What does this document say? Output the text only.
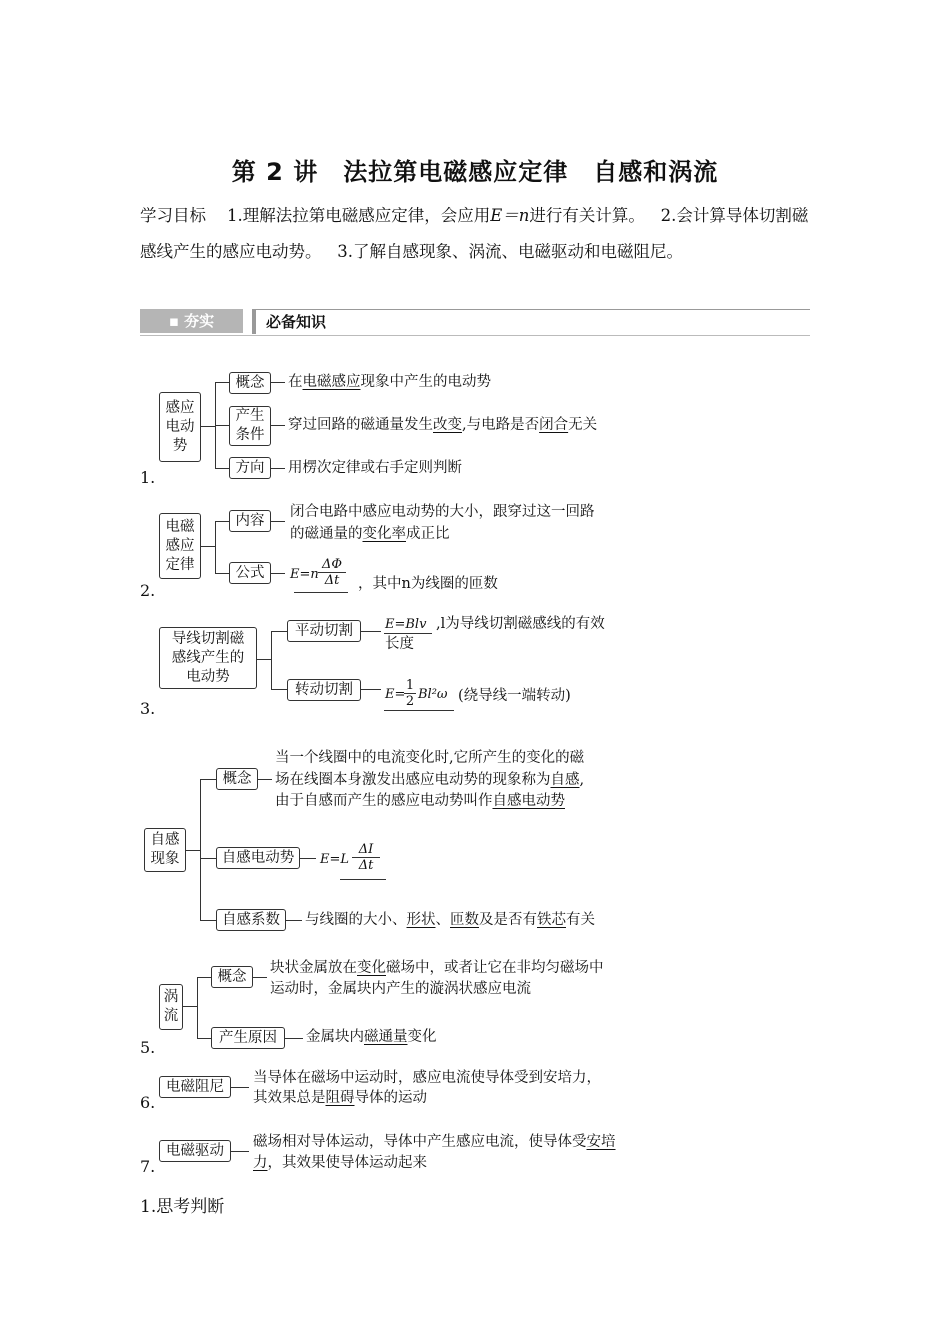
第 2 讲　法拉第电磁感应定律　自感和涡流
学习目标 1.理解法拉第电磁感应定律，会应用E＝n进行有关计算。 2.会计算导体切割磁感线产生的感应电动势。 3.了解自感现象、涡流、电磁驱动和电磁阻尼。
▪ 夯实	必备知识
1.
感应电动势
概念
产生条件
方向
在电磁感应现象中产生的电动势
穿过回路的磁通量发生改变,与电路是否闭合无关
用楞次定律或右手定则判断
2.
电磁感应定律
内容
公式
闭合电路中感应电动势的大小，跟穿过这一回路
的磁通量的变化率成正比
E=n
ΔΦ
Δt ，其中n为线圈的匝数
3.
导线切割磁感线产生的电动势
平动切割
转动切割
E=Blv ,l为导线切割磁感线的有效
长度
E=
1
2 Bl²ω (绕导线一端转动)
自感现象
概念
自感电动势
自感系数
当一个线圈中的电流变化时,它所产生的变化的磁
场在线圈本身激发出感应电动势的现象称为自感,
由于自感而产生的感应电动势叫作自感电动势
E=L
ΔI
Δt
与线圈的大小、形状、匝数及是否有铁芯有关
5.
涡流
概念
产生原因
块状金属放在变化磁场中，或者让它在非均匀磁场中
运动时，金属块内产生的漩涡状感应电流
金属块内磁通量变化
6.
电磁阻尼
当导体在磁场中运动时，感应电流使导体受到安培力，
其效果总是阻碍导体的运动
7.
电磁驱动
磁场相对导体运动，导体中产生感应电流，使导体受安培
力，其效果使导体运动起来
1.思考判断
